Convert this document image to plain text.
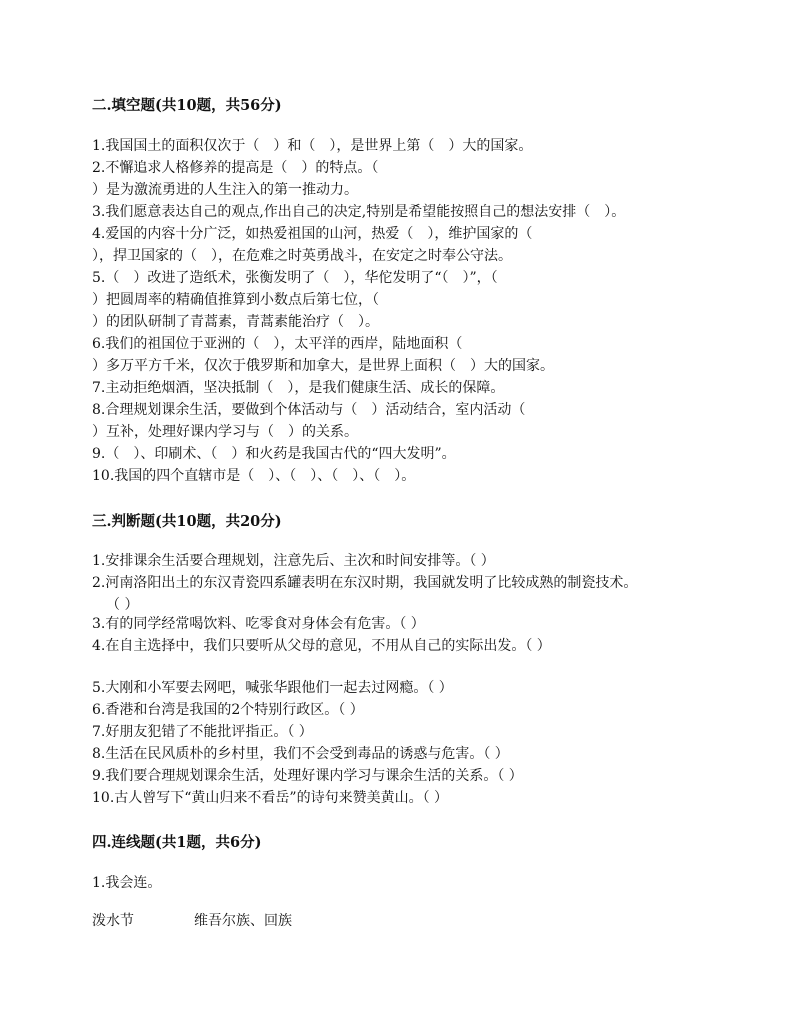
二.填空题(共10题，共56分)
1.我国国土的面积仅次于（　）和（　），是世界上第（　）大的国家。
2.不懈追求人格修养的提高是（　）的特点。（
）是为激流勇进的人生注入的第一推动力。
3.我们愿意表达自己的观点,作出自己的决定,特别是希望能按照自己的想法安排（　）。
4.爱国的内容十分广泛，如热爱祖国的山河，热爱（　），维护国家的（
），捍卫国家的（　），在危难之时英勇战斗，在安定之时奉公守法。
5.（　）改进了造纸术，张衡发明了（　），华佗发明了“（　）”，（
）把圆周率的精确值推算到小数点后第七位，（
）的团队研制了青蒿素，青蒿素能治疗（　）。
6.我们的祖国位于亚洲的（　），太平洋的西岸，陆地面积（
）多万平方千米，仅次于俄罗斯和加拿大，是世界上面积（　）大的国家。
7.主动拒绝烟酒，坚决抵制（　），是我们健康生活、成长的保障。
8.合理规划课余生活，要做到个体活动与（　）活动结合，室内活动（
）互补，处理好课内学习与（　）的关系。
9.（　）、印刷术、（　）和火药是我国古代的“四大发明”。
10.我国的四个直辖市是（　）、（　）、（　）、（　）。
三.判断题(共10题，共20分)
1.安排课余生活要合理规划，注意先后、主次和时间安排等。（ ）
2.河南洛阳出土的东汉青瓷四系罐表明在东汉时期，我国就发明了比较成熟的制瓷技术。
（ ）
3.有的同学经常喝饮料、吃零食对身体会有危害。（ ）
4.在自主选择中，我们只要听从父母的意见，不用从自己的实际出发。（ ）
5.大刚和小军要去网吧，喊张华跟他们一起去过网瘾。（ ）
6.香港和台湾是我国的2个特别行政区。（ ）
7.好朋友犯错了不能批评指正。（ ）
8.生活在民风质朴的乡村里，我们不会受到毒品的诱惑与危害。（ ）
9.我们要合理规划课余生活，处理好课内学习与课余生活的关系。（ ）
10.古人曾写下“黄山归来不看岳”的诗句来赞美黄山。（ ）
四.连线题(共1题，共6分)
1.我会连。
泼水节	维吾尔族、回族
